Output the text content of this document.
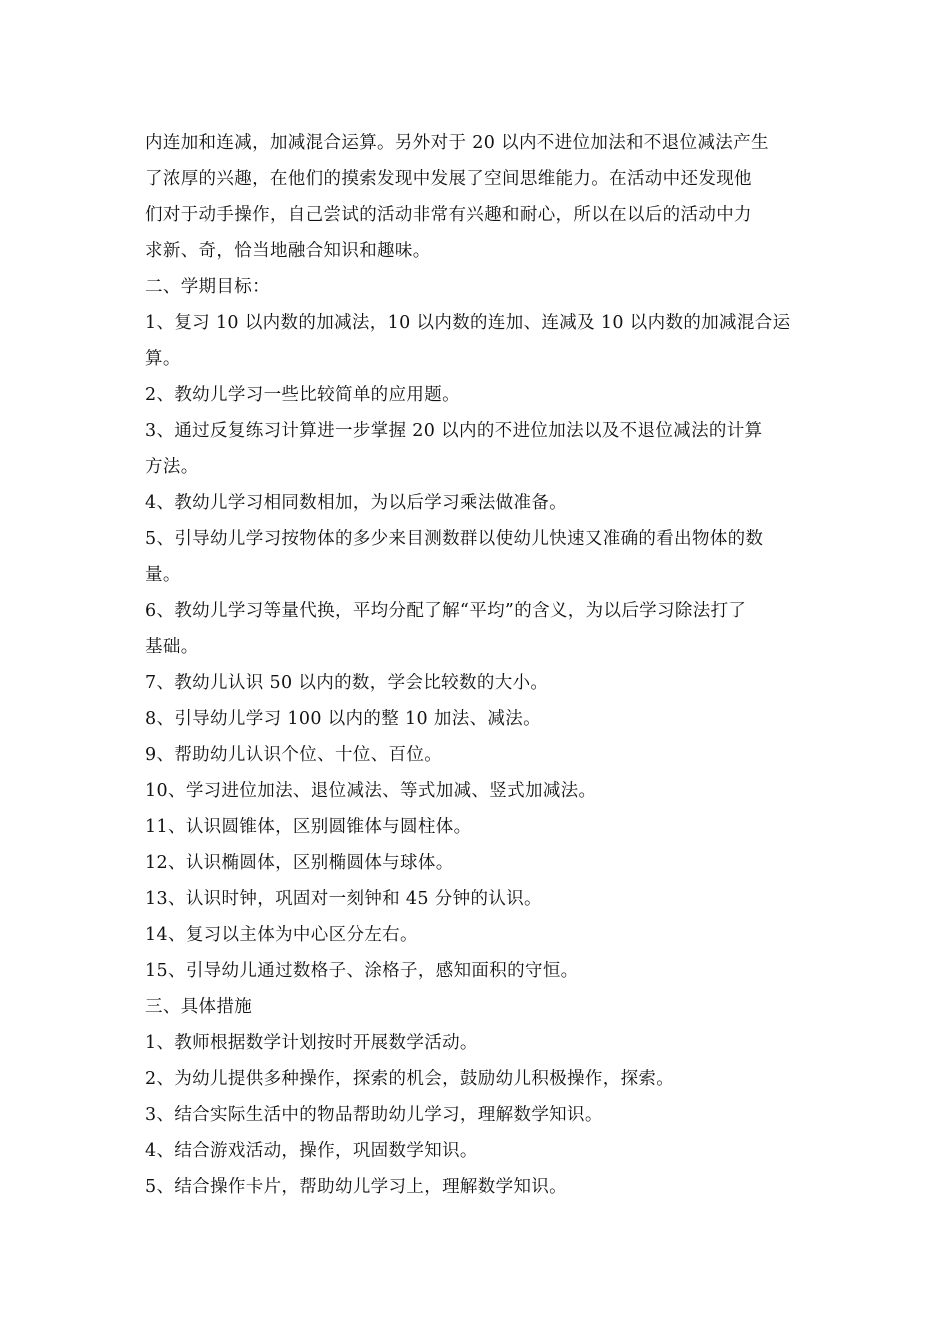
内连加和连减，加减混合运算。另外对于 20 以内不进位加法和不退位减法产生
了浓厚的兴趣，在他们的摸索发现中发展了空间思维能力。在活动中还发现他
们对于动手操作，自己尝试的活动非常有兴趣和耐心，所以在以后的活动中力
求新、奇，恰当地融合知识和趣味。
二、学期目标：
1、复习 10 以内数的加减法，10 以内数的连加、连减及 10 以内数的加减混合运
算。
2、教幼儿学习一些比较简单的应用题。
3、通过反复练习计算进一步掌握 20 以内的不进位加法以及不退位减法的计算
方法。
4、教幼儿学习相同数相加，为以后学习乘法做准备。
5、引导幼儿学习按物体的多少来目测数群以使幼儿快速又准确的看出物体的数
量。
6、教幼儿学习等量代换，平均分配了解“平均”的含义，为以后学习除法打了
基础。
7、教幼儿认识 50 以内的数，学会比较数的大小。
8、引导幼儿学习 100 以内的整 10 加法、减法。
9、帮助幼儿认识个位、十位、百位。
10、学习进位加法、退位减法、等式加减、竖式加减法。
11、认识圆锥体，区别圆锥体与圆柱体。
12、认识椭圆体，区别椭圆体与球体。
13、认识时钟，巩固对一刻钟和 45 分钟的认识。
14、复习以主体为中心区分左右。
15、引导幼儿通过数格子、涂格子，感知面积的守恒。
三、具体措施
1、教师根据数学计划按时开展数学活动。
2、为幼儿提供多种操作，探索的机会，鼓励幼儿积极操作，探索。
3、结合实际生活中的物品帮助幼儿学习，理解数学知识。
4、结合游戏活动，操作，巩固数学知识。
5、结合操作卡片，帮助幼儿学习上，理解数学知识。
